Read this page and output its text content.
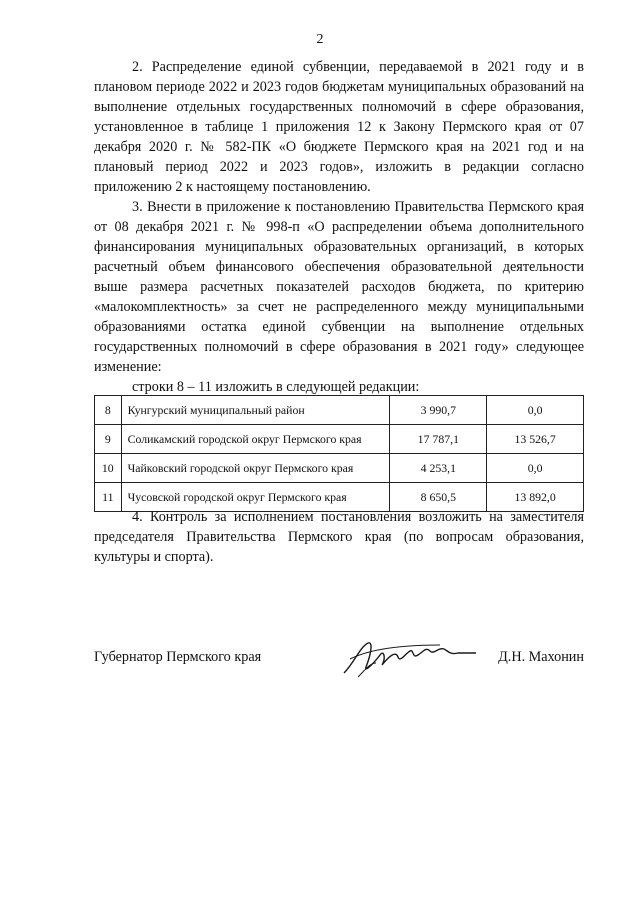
2

2. Распределение единой субвенции, передаваемой в 2021 году и в плановом периоде 2022 и 2023 годов бюджетам муниципальных образований на выполнение отдельных государственных полномочий в сфере образования, установленное в таблице 1 приложения 12 к Закону Пермского края от 07 декабря 2020 г. № 582-ПК «О бюджете Пермского края на 2021 год и на плановый период 2022 и 2023 годов», изложить в редакции согласно приложению 2 к настоящему постановлению.

3. Внести в приложение к постановлению Правительства Пермского края от 08 декабря 2021 г. № 998-п «О распределении объема дополнительного финансирования муниципальных образовательных организаций, в которых расчетный объем финансового обеспечения образовательной деятельности выше размера расчетных показателей расходов бюджета, по критерию «малокомплектность» за счет не распределенного между муниципальными образованиями остатка единой субвенции на выполнение отдельных государственных полномочий в сфере образования в 2021 году» следующее изменение:

строки 8 – 11 изложить в следующей редакции:

8	Кунгурский муниципальный район	3 990,7	0,0
9	Соликамский городской округ Пермского края	17 787,1	13 526,7
10	Чайковский городской округ Пермского края	4 253,1	0,0
11	Чусовской городской округ Пермского края	8 650,5	13 892,0

4. Контроль за исполнением постановления возложить на заместителя председателя Правительства Пермского края (по вопросам образования, культуры и спорта).

Губернатор Пермского края	Д.Н. Махонин
